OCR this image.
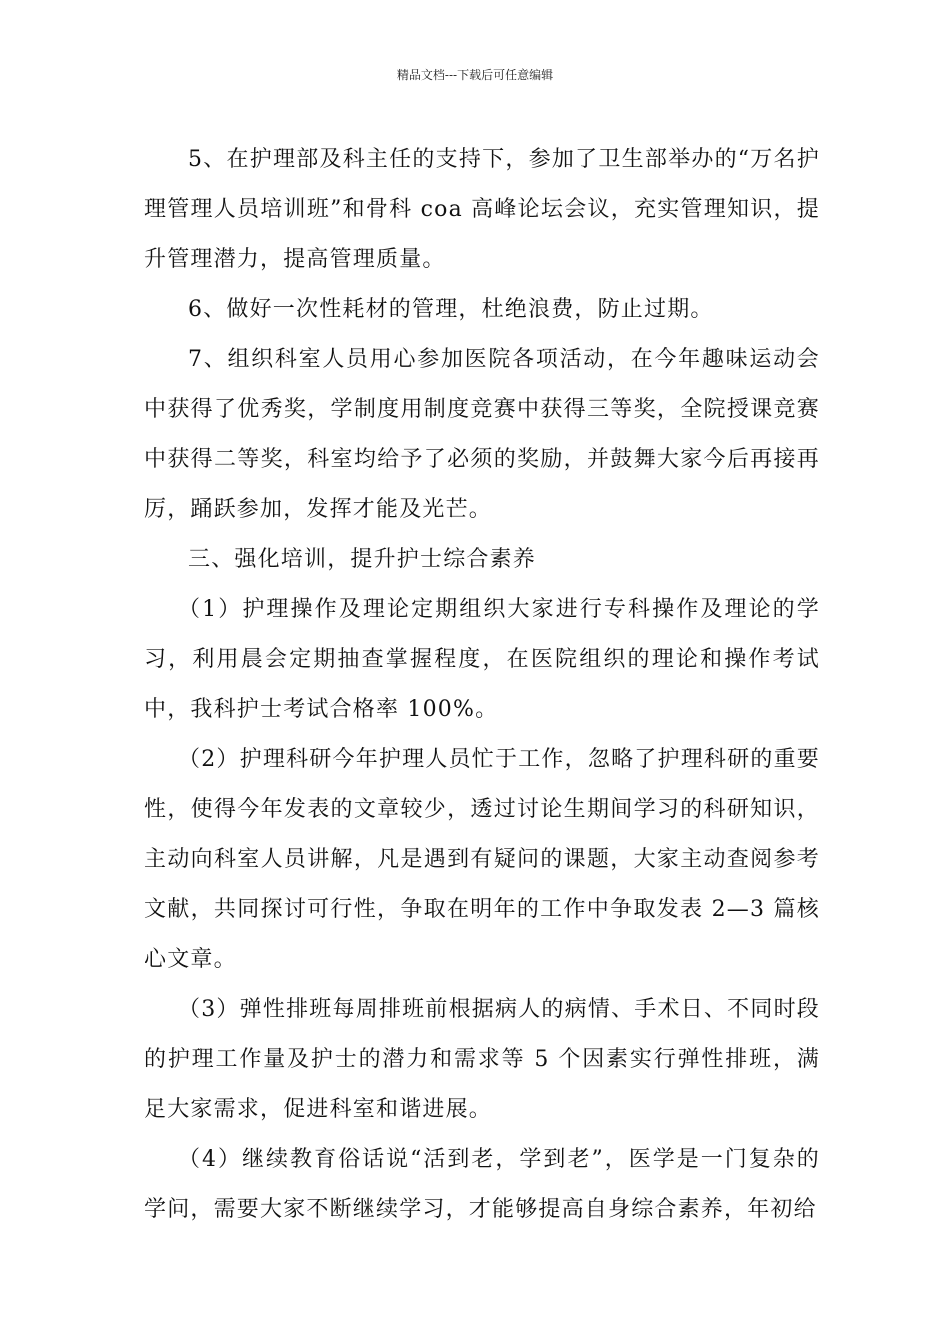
精品文档---下载后可任意编辑

5、在护理部及科主任的支持下，参加了卫生部举办的“万名护理管理人员培训班”和骨科 coa 高峰论坛会议，充实管理知识，提升管理潜力，提高管理质量。

6、做好一次性耗材的管理，杜绝浪费，防止过期。

7、组织科室人员用心参加医院各项活动，在今年趣味运动会中获得了优秀奖，学制度用制度竞赛中获得三等奖，全院授课竞赛中获得二等奖，科室均给予了必须的奖励，并鼓舞大家今后再接再厉，踊跃参加，发挥才能及光芒。

三、强化培训，提升护士综合素养

（1）护理操作及理论定期组织大家进行专科操作及理论的学习，利用晨会定期抽查掌握程度，在医院组织的理论和操作考试中，我科护士考试合格率 100%。

（2）护理科研今年护理人员忙于工作，忽略了护理科研的重要性，使得今年发表的文章较少，透过讨论生期间学习的科研知识，主动向科室人员讲解，凡是遇到有疑问的课题，大家主动查阅参考文献，共同探讨可行性，争取在明年的工作中争取发表 2—3 篇核心文章。

（3）弹性排班每周排班前根据病人的病情、手术日、不同时段的护理工作量及护士的潜力和需求等 5 个因素实行弹性排班，满足大家需求，促进科室和谐进展。

（4）继续教育俗话说“活到老，学到老”，医学是一门复杂的学问，需要大家不断继续学习，才能够提高自身综合素养，年初给
